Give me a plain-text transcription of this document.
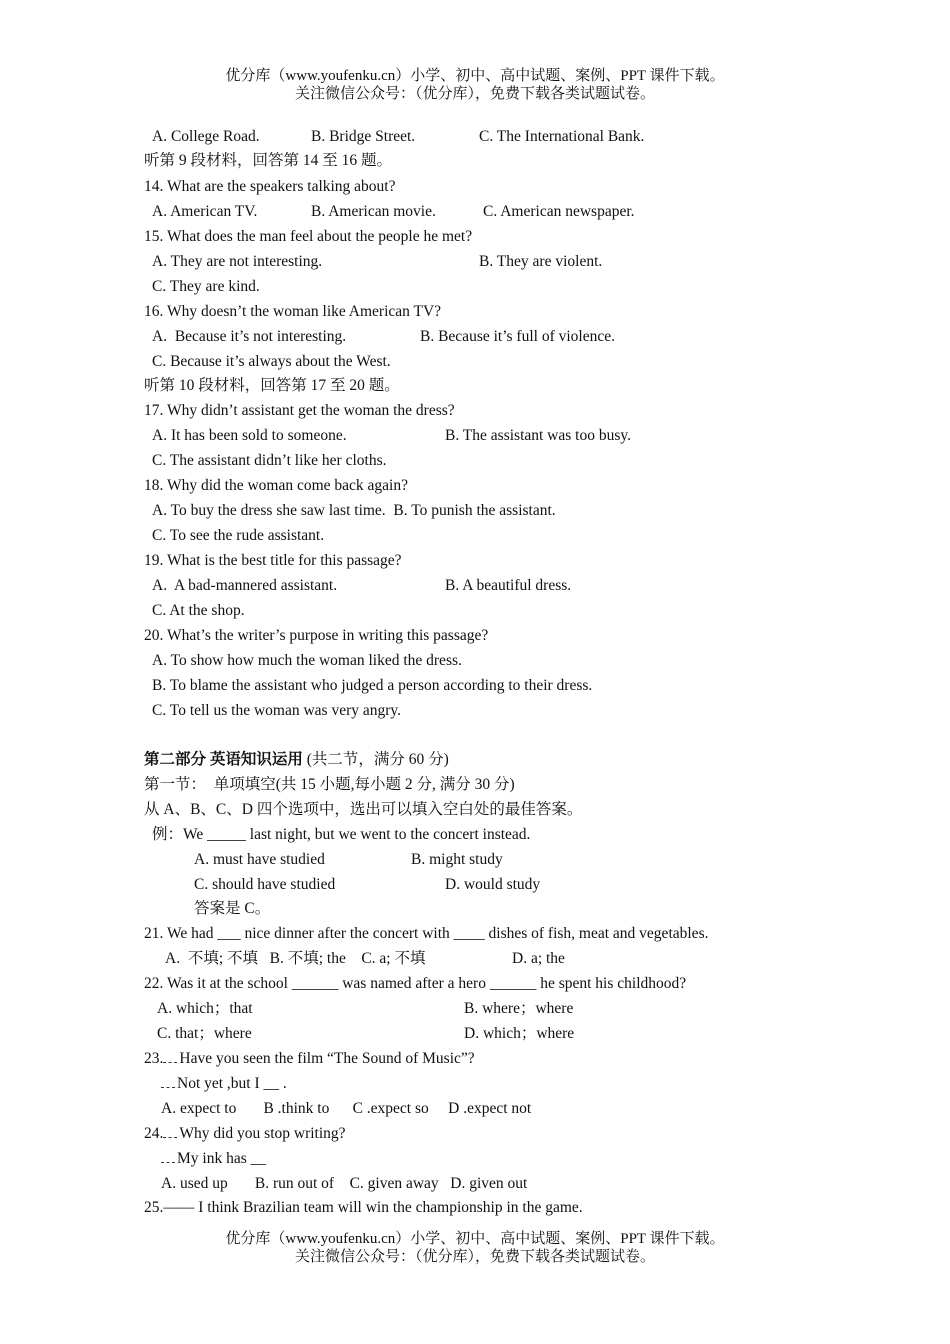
优分库（www.youfenku.cn）小学、初中、高中试题、案例、PPT 课件下载。
关注微信公众号：（优分库），免费下载各类试题试卷。
A. College Road.	B. Bridge Street.	C. The International Bank.
听第 9 段材料，回答第 14 至 16 题。
14. What are the speakers talking about?
A. American TV.	B. American movie.	C. American newspaper.
15. What does the man feel about the people he met?
A. They are not interesting.	B. They are violent.
C. They are kind.
16. Why doesn’t the woman like American TV?
A.  Because it’s not interesting.	B. Because it’s full of violence.
C. Because it’s always about the West.
听第 10 段材料，回答第 17 至 20 题。
17. Why didn’t assistant get the woman the dress?
A. It has been sold to someone.	B. The assistant was too busy.
C. The assistant didn’t like her cloths.
18. Why did the woman come back again?
A. To buy the dress she saw last time.  B. To punish the assistant.
C. To see the rude assistant.
19. What is the best title for this passage?
A.  A bad-mannered assistant.	B. A beautiful dress.
C. At the shop.
20. What’s the writer’s purpose in writing this passage?
A. To show how much the woman liked the dress.
B. To blame the assistant who judged a person according to their dress.
C. To tell us the woman was very angry.
第二部分 英语知识运用 (共二节，满分 60 分)
第一节：  单项填空(共 15 小题,每小题 2 分, 满分 30 分)
从 A、B、C、D 四个选项中，选出可以填入空白处的最佳答案。
例：We _____ last night, but we went to the concert instead.
A. must have studied	B. might study
C. should have studied	D. would study
答案是 C。
21. We had ___ nice dinner after the concert with ____ dishes of fish, meat and vegetables.
A.  不填; 不填   B. 不填; the    C. a; 不填	D. a; the
22. Was it at the school ______ was named after a hero ______ he spent his childhood?
A. which；that	B. where；where
C. that；where	D. which；where
23. Have you seen the film “The Sound of Music”?
Not yet ,but I __ .
A. expect to       B .think to      C .expect so     D .expect not
24. Why did you stop writing?
My ink has __
A. used up       B. run out of    C. given away   D. given out
25.—— I think Brazilian team will win the championship in the game.
优分库（www.youfenku.cn）小学、初中、高中试题、案例、PPT 课件下载。
关注微信公众号：（优分库），免费下载各类试题试卷。
